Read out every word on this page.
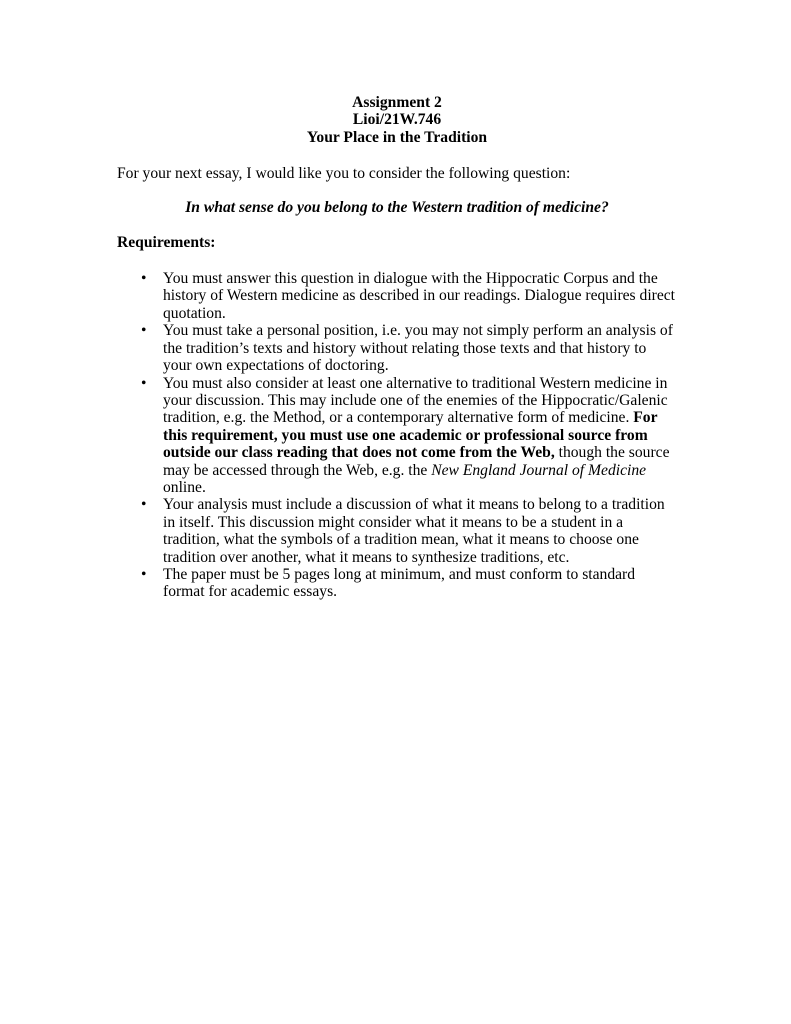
Assignment 2
Lioi/21W.746
Your Place in the Tradition
For your next essay, I would like you to consider the following question:
In what sense do you belong to the Western tradition of medicine?
Requirements:
• You must answer this question in dialogue with the Hippocratic Corpus and the history of Western medicine as described in our readings. Dialogue requires direct quotation.
• You must take a personal position, i.e. you may not simply perform an analysis of the tradition’s texts and history without relating those texts and that history to your own expectations of doctoring.
• You must also consider at least one alternative to traditional Western medicine in your discussion. This may include one of the enemies of the Hippocratic/Galenic tradition, e.g. the Method, or a contemporary alternative form of medicine. For this requirement, you must use one academic or professional source from outside our class reading that does not come from the Web, though the source may be accessed through the Web, e.g. the New England Journal of Medicine online.
• Your analysis must include a discussion of what it means to belong to a tradition in itself. This discussion might consider what it means to be a student in a tradition, what the symbols of a tradition mean, what it means to choose one tradition over another, what it means to synthesize traditions, etc.
• The paper must be 5 pages long at minimum, and must conform to standard format for academic essays.
